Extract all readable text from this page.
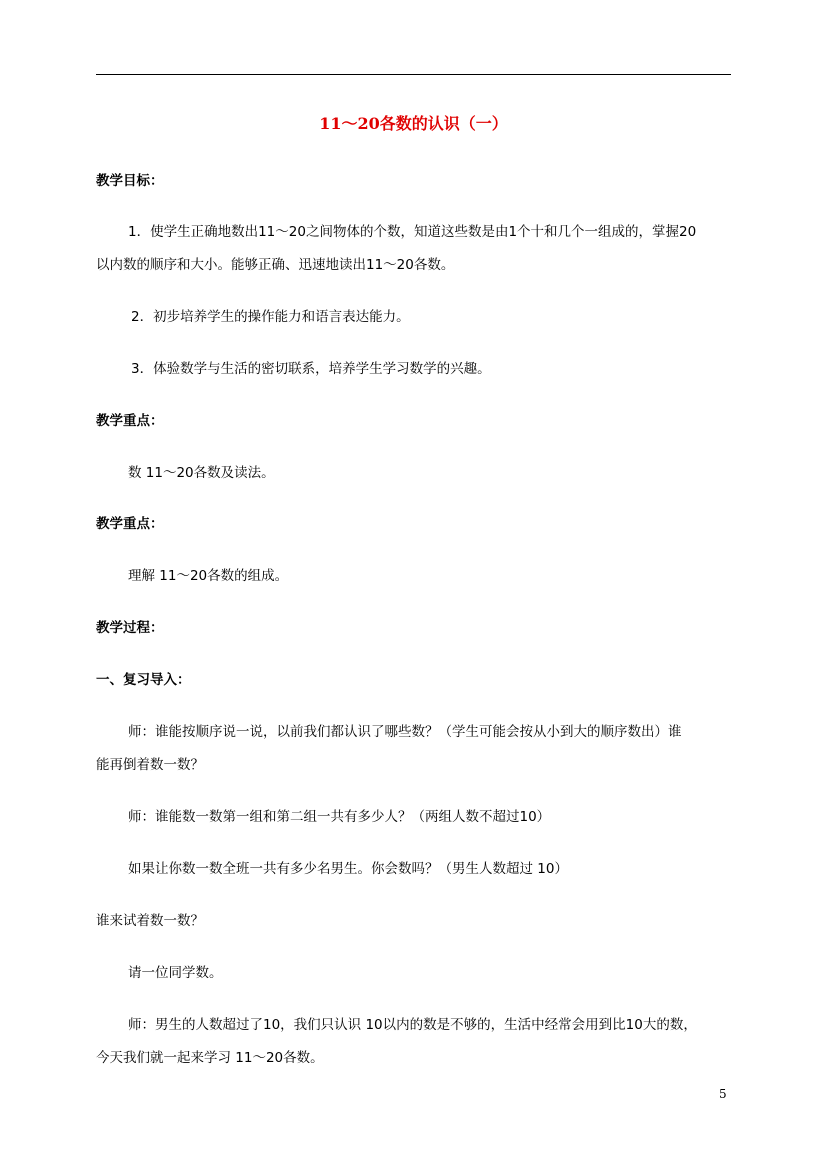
11～20各数的认识（一）
教学目标：
1．使学生正确地数出11～20之间物体的个数，知道这些数是由1个十和几个一组成的，掌握20
以内数的顺序和大小。能够正确、迅速地读出11～20各数。
2．初步培养学生的操作能力和语言表达能力。
3．体验数学与生活的密切联系，培养学生学习数学的兴趣。
教学重点：
数 11～20各数及读法。
教学重点：
理解 11～20各数的组成。
教学过程：
一、复习导入：
师：谁能按顺序说一说，以前我们都认识了哪些数？（学生可能会按从小到大的顺序数出）谁
能再倒着数一数？
师：谁能数一数第一组和第二组一共有多少人？（两组人数不超过10）
如果让你数一数全班一共有多少名男生。你会数吗？（男生人数超过 10）
谁来试着数一数？
请一位同学数。
师：男生的人数超过了10，我们只认识 10以内的数是不够的，生活中经常会用到比10大的数，
今天我们就一起来学习 11～20各数。
5
